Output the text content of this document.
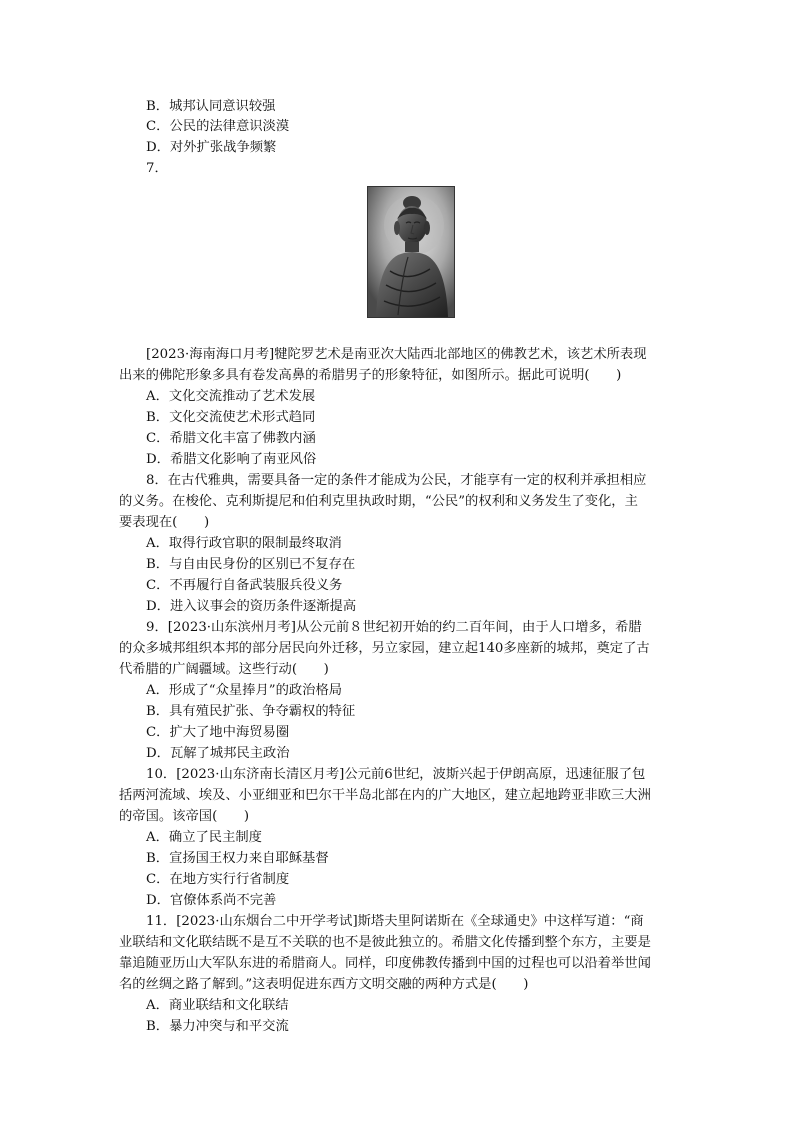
B．城邦认同意识较强
C．公民的法律意识淡漠
D．对外扩张战争频繁
7．
[2023·海南海口月考]犍陀罗艺术是南亚次大陆西北部地区的佛教艺术，该艺术所表现
出来的佛陀形象多具有卷发高鼻的希腊男子的形象特征，如图所示。据此可说明(　　)
A．文化交流推动了艺术发展
B．文化交流使艺术形式趋同
C．希腊文化丰富了佛教内涵
D．希腊文化影响了南亚风俗
8．在古代雅典，需要具备一定的条件才能成为公民，才能享有一定的权利并承担相应
的义务。在梭伦、克利斯提尼和伯利克里执政时期，“公民”的权利和义务发生了变化，主
要表现在(　　)
A．取得行政官职的限制最终取消
B．与自由民身份的区别已不复存在
C．不再履行自备武装服兵役义务
D．进入议事会的资历条件逐渐提高
9．[2023·山东滨州月考]从公元前８世纪初开始的约二百年间，由于人口增多，希腊
的众多城邦组织本邦的部分居民向外迁移，另立家园，建立起140多座新的城邦，奠定了古
代希腊的广阔疆域。这些行动(　　)
A．形成了“众星捧月”的政治格局
B．具有殖民扩张、争夺霸权的特征
C．扩大了地中海贸易圈
D．瓦解了城邦民主政治
10．[2023·山东济南长清区月考]公元前6世纪，波斯兴起于伊朗高原，迅速征服了包
括两河流域、埃及、小亚细亚和巴尔干半岛北部在内的广大地区，建立起地跨亚非欧三大洲
的帝国。该帝国(　　)
A．确立了民主制度
B．宣扬国王权力来自耶稣基督
C．在地方实行行省制度
D．官僚体系尚不完善
11．[2023·山东烟台二中开学考试]斯塔夫里阿诺斯在《全球通史》中这样写道：“商
业联结和文化联结既不是互不关联的也不是彼此独立的。希腊文化传播到整个东方，主要是
靠追随亚历山大军队东进的希腊商人。同样，印度佛教传播到中国的过程也可以沿着举世闻
名的丝绸之路了解到。”这表明促进东西方文明交融的两种方式是(　　)
A．商业联结和文化联结
B．暴力冲突与和平交流
